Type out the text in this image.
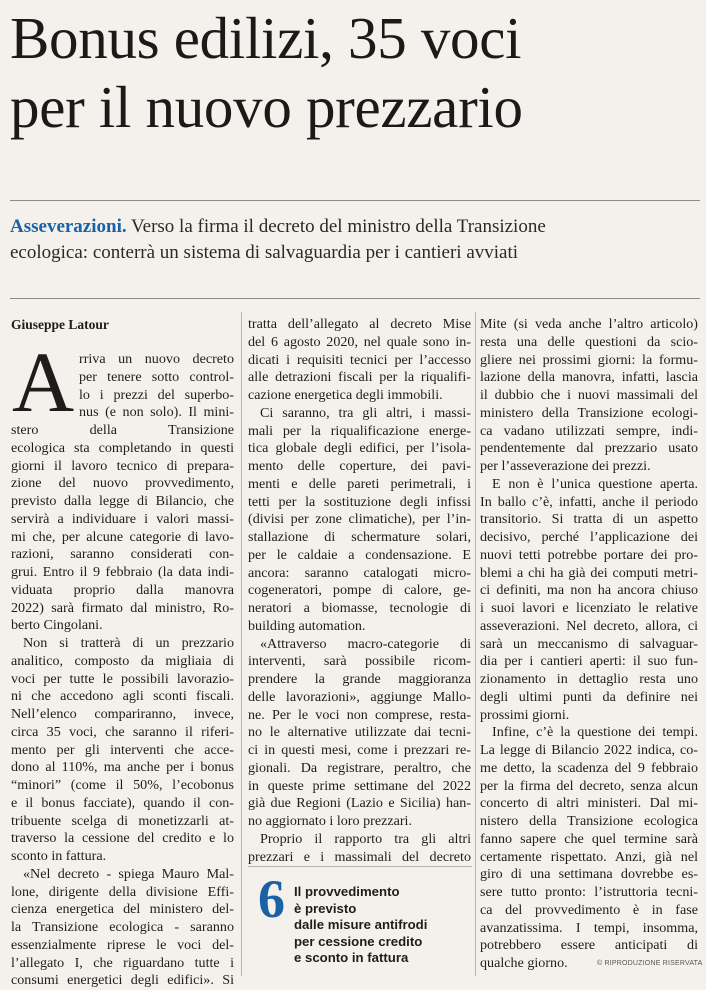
Bonus edilizi, 35 voci
per il nuovo prezzario
Asseverazioni. Verso la firma il decreto del ministro della Transizione
ecologica: conterrà un sistema di salvaguardia per i cantieri avviati
A
Giuseppe Latour
rriva un nuovo decreto
per tenere sotto control-
lo i prezzi del superbo-
nus (e non solo). Il mini-
stero della Transizione
ecologica sta completando in questi
giorni il lavoro tecnico di prepara-
zione del nuovo provvedimento,
previsto dalla legge di Bilancio, che
servirà a individuare i valori massi-
mi che, per alcune categorie di lavo-
razioni, saranno considerati con-
grui. Entro il 9 febbraio (la data indi-
viduata proprio dalla manovra
2022) sarà firmato dal ministro, Ro-
berto Cingolani.
Non si tratterà di un prezzario
analitico, composto da migliaia di
voci per tutte le possibili lavorazio-
ni che accedono agli sconti fiscali.
Nell’elenco compariranno, invece,
circa 35 voci, che saranno il riferi-
mento per gli interventi che acce-
dono al 110%, ma anche per i bonus
“minori” (come il 50%, l’ecobonus
e il bonus facciate), quando il con-
tribuente scelga di monetizzarli at-
traverso la cessione del credito e lo
sconto in fattura.
«Nel decreto - spiega Mauro Mal-
lone, dirigente della divisione Effi-
cienza energetica del ministero del-
la Transizione ecologica - saranno
essenzialmente riprese le voci del-
l’allegato I, che riguardano tutte i
consumi energetici degli edifici». Si
tratta dell’allegato al decreto Mise
del 6 agosto 2020, nel quale sono in-
dicati i requisiti tecnici per l’accesso
alle detrazioni fiscali per la riqualifi-
cazione energetica degli immobili.
Ci saranno, tra gli altri, i massi-
mali per la riqualificazione energe-
tica globale degli edifici, per l’isola-
mento delle coperture, dei pavi-
menti e delle pareti perimetrali, i
tetti per la sostituzione degli infissi
(divisi per zone climatiche), per l’in-
stallazione di schermature solari,
per le caldaie a condensazione. E
ancora: saranno catalogati micro-
cogeneratori, pompe di calore, ge-
neratori a biomasse, tecnologie di
building automation.
«Attraverso macro-categorie di
interventi, sarà possibile ricom-
prendere la grande maggioranza
delle lavorazioni», aggiunge Mallo-
ne. Per le voci non comprese, resta-
no le alternative utilizzate dai tecni-
ci in questi mesi, come i prezzari re-
gionali. Da registrare, peraltro, che
in queste prime settimane del 2022
già due Regioni (Lazio e Sicilia) han-
no aggiornato i loro prezzari.
Proprio il rapporto tra gli altri
prezzari e i massimali del decreto
6 Il provvedimento
è previsto
dalle misure antifrodi
per cessione credito
e sconto in fattura
Mite (si veda anche l’altro articolo)
resta una delle questioni da scio-
gliere nei prossimi giorni: la formu-
lazione della manovra, infatti, lascia
il dubbio che i nuovi massimali del
ministero della Transizione ecologi-
ca vadano utilizzati sempre, indi-
pendentemente dal prezzario usato
per l’asseverazione dei prezzi.
E non è l’unica questione aperta.
In ballo c’è, infatti, anche il periodo
transitorio. Si tratta di un aspetto
decisivo, perché l’applicazione dei
nuovi tetti potrebbe portare dei pro-
blemi a chi ha già dei computi metri-
ci definiti, ma non ha ancora chiuso
i suoi lavori e licenziato le relative
asseverazioni. Nel decreto, allora, ci
sarà un meccanismo di salvaguar-
dia per i cantieri aperti: il suo fun-
zionamento in dettaglio resta uno
degli ultimi punti da definire nei
prossimi giorni.
Infine, c’è la questione dei tempi.
La legge di Bilancio 2022 indica, co-
me detto, la scadenza del 9 febbraio
per la firma del decreto, senza alcun
concerto di altri ministeri. Dal mi-
nistero della Transizione ecologica
fanno sapere che quel termine sarà
certamente rispettato. Anzi, già nel
giro di una settimana dovrebbe es-
sere tutto pronto: l’istruttoria tecni-
ca del provvedimento è in fase
avanzatissima. I tempi, insomma,
potrebbero essere anticipati di
qualche giorno.	© RIPRODUZIONE RISERVATA
